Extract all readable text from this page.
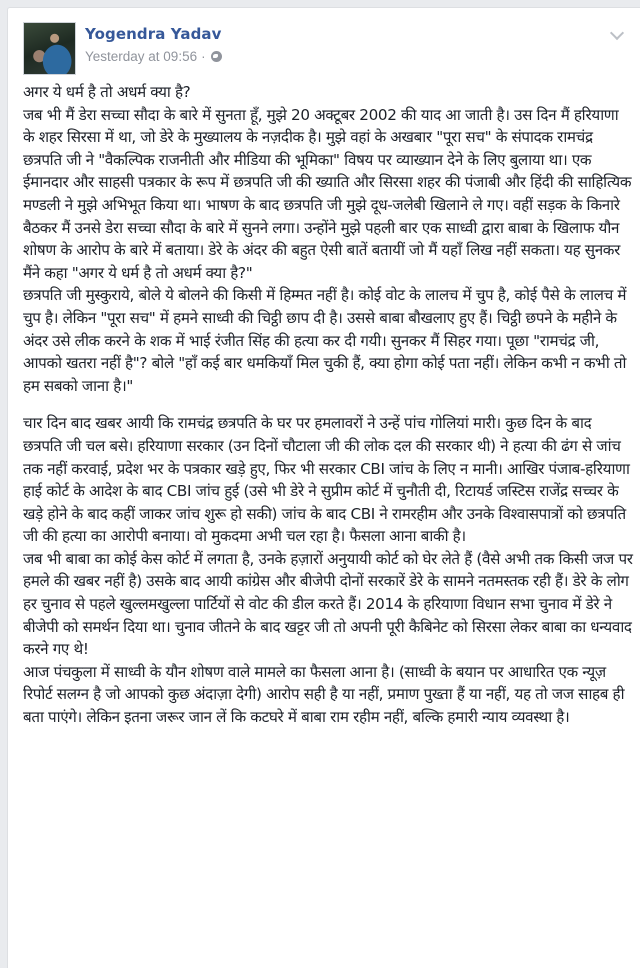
Yogendra Yadav
Yesterday at 09:56 ·

अगर ये धर्म है तो अधर्म क्या है?

जब भी मैं डेरा सच्चा सौदा के बारे में सुनता हूँ, मुझे 20 अक्टूबर 2002 की याद आ जाती है। उस दिन मैं हरियाणा के शहर सिरसा में था, जो डेरे के मुख्यालय के नज़दीक है। मुझे वहां के अखबार "पूरा सच" के संपादक रामचंद्र छत्रपति जी ने "वैकल्पिक राजनीती और मीडिया की भूमिका" विषय पर व्याख्यान देने के लिए बुलाया था। एक ईमानदार और साहसी पत्रकार के रूप में छत्रपति जी की ख्याति और सिरसा शहर की पंजाबी और हिंदी की साहित्यिक मण्डली ने मुझे अभिभूत किया था। भाषण के बाद छत्रपति जी मुझे दूध-जलेबी खिलाने ले गए। वहीं सड़क के किनारे बैठकर मैं उनसे डेरा सच्चा सौदा के बारे में सुनने लगा। उन्होंने मुझे पहली बार एक साध्वी द्वारा बाबा के खिलाफ यौन शोषण के आरोप के बारे में बताया। डेरे के अंदर की बहुत ऐसी बातें बतायीं जो मैं यहाँ लिख नहीं सकता। यह सुनकर मैंने कहा "अगर ये धर्म है तो अधर्म क्या है?"

छत्रपति जी मुस्कुराये, बोले ये बोलने की किसी में हिम्मत नहीं है। कोई वोट के लालच में चुप है, कोई पैसे के लालच में चुप है। लेकिन "पूरा सच" में हमने साध्वी की चिट्ठी छाप दी है। उससे बाबा बौखलाए हुए हैं। चिट्ठी छपने के महीने के अंदर उसे लीक करने के शक में भाई रंजीत सिंह की हत्या कर दी गयी। सुनकर मैं सिहर गया। पूछा "रामचंद्र जी, आपको खतरा नहीं है"? बोले "हाँ कई बार धमकियाँ मिल चुकी हैं, क्या होगा कोई पता नहीं। लेकिन कभी न कभी तो हम सबको जाना है।"

चार दिन बाद खबर आयी कि रामचंद्र छत्रपति के घर पर हमलावरों ने उन्हें पांच गोलियां मारी। कुछ दिन के बाद छत्रपति जी चल बसे। हरियाणा सरकार (उन दिनों चौटाला जी की लोक दल की सरकार थी) ने हत्या की ढंग से जांच तक नहीं करवाई, प्रदेश भर के पत्रकार खड़े हुए, फिर भी सरकार CBI जांच के लिए न मानी। आखिर पंजाब-हरियाणा हाई कोर्ट के आदेश के बाद CBI जांच हुई (उसे भी डेरे ने सुप्रीम कोर्ट में चुनौती दी, रिटायर्ड जस्टिस राजेंद्र सच्चर के खड़े होने के बाद कहीं जाकर जांच शुरू हो सकी) जांच के बाद CBI ने रामरहीम और उनके विश्वासपात्रों को छत्रपति जी की हत्या का आरोपी बनाया। वो मुकदमा अभी चल रहा है। फैसला आना बाकी है।

जब भी बाबा का कोई केस कोर्ट में लगता है, उनके हज़ारों अनुयायी कोर्ट को घेर लेते हैं (वैसे अभी तक किसी जज पर हमले की खबर नहीं है) उसके बाद आयी कांग्रेस और बीजेपी दोनों सरकारें डेरे के सामने नतमस्तक रही हैं। डेरे के लोग हर चुनाव से पहले खुल्लमखुल्ला पार्टियों से वोट की डील करते हैं। 2014 के हरियाणा विधान सभा चुनाव में डेरे ने बीजेपी को समर्थन दिया था। चुनाव जीतने के बाद खट्टर जी तो अपनी पूरी कैबिनेट को सिरसा लेकर बाबा का धन्यवाद करने गए थे!

आज पंचकुला में साध्वी के यौन शोषण वाले मामले का फैसला आना है। (साध्वी के बयान पर आधारित एक न्यूज़ रिपोर्ट सलग्न है जो आपको कुछ अंदाज़ा देगी) आरोप सही है या नहीं, प्रमाण पुख्ता हैं या नहीं, यह तो जज साहब ही बता पाएंगे। लेकिन इतना जरूर जान लें कि कटघरे में बाबा राम रहीम नहीं, बल्कि हमारी न्याय व्यवस्था है।
